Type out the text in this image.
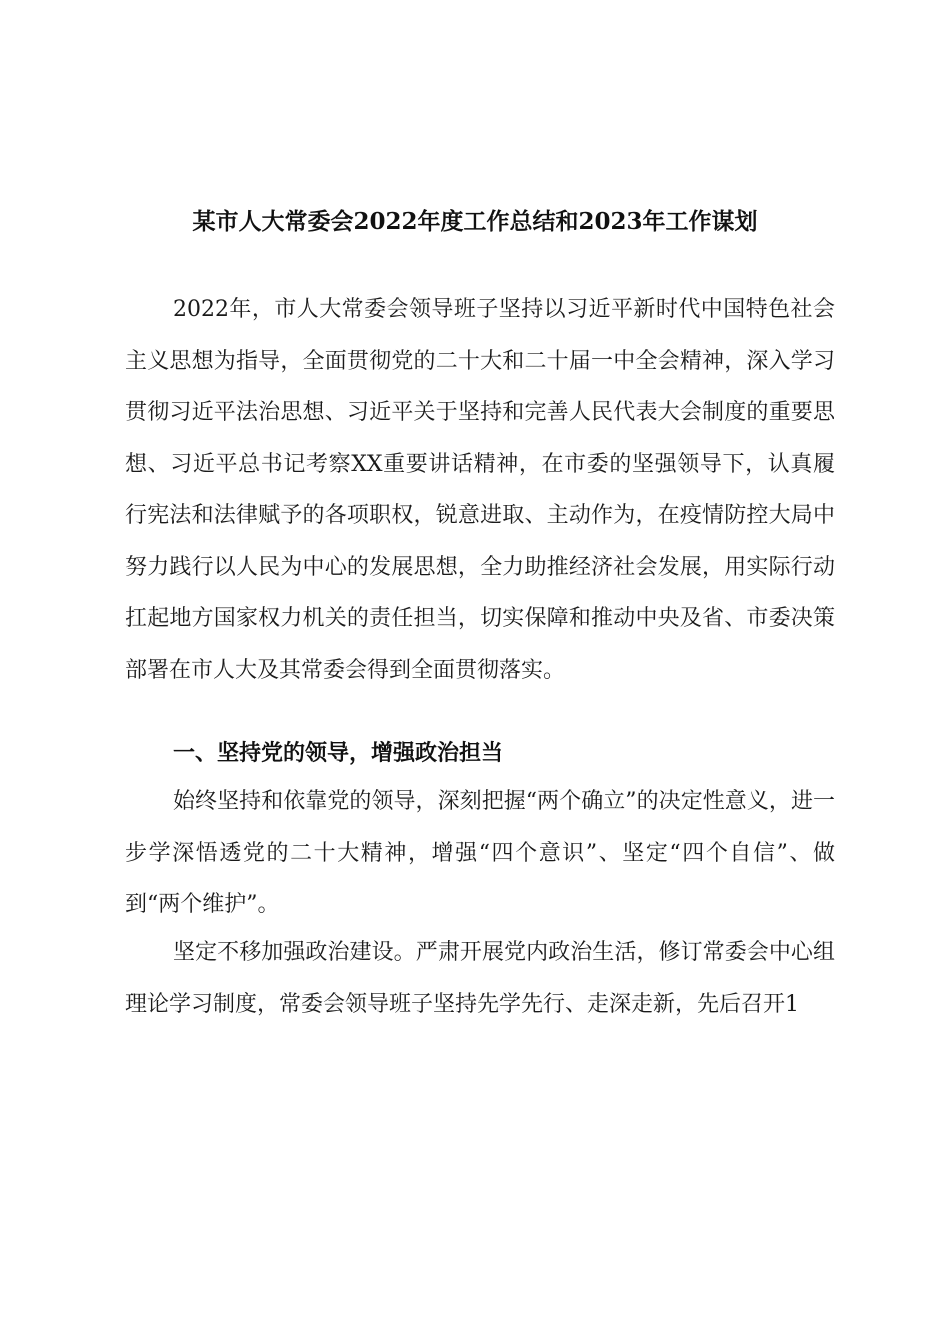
某市人大常委会2022年度工作总结和2023年工作谋划
2022年，市人大常委会领导班子坚持以习近平新时代中国特色社会主义思想为指导，全面贯彻党的二十大和二十届一中全会精神，深入学习贯彻习近平法治思想、习近平关于坚持和完善人民代表大会制度的重要思想、习近平总书记考察XX重要讲话精神，在市委的坚强领导下，认真履行宪法和法律赋予的各项职权，锐意进取、主动作为，在疫情防控大局中努力践行以人民为中心的发展思想，全力助推经济社会发展，用实际行动扛起地方国家权力机关的责任担当，切实保障和推动中央及省、市委决策部署在市人大及其常委会得到全面贯彻落实。
一、坚持党的领导，增强政治担当
始终坚持和依靠党的领导，深刻把握“两个确立”的决定性意义，进一步学深悟透党的二十大精神，增强“四个意识”、坚定“四个自信”、做到“两个维护”。
坚定不移加强政治建设。严肃开展党内政治生活，修订常委会中心组理论学习制度，常委会领导班子坚持先学先行、走深走新，先后召开1
